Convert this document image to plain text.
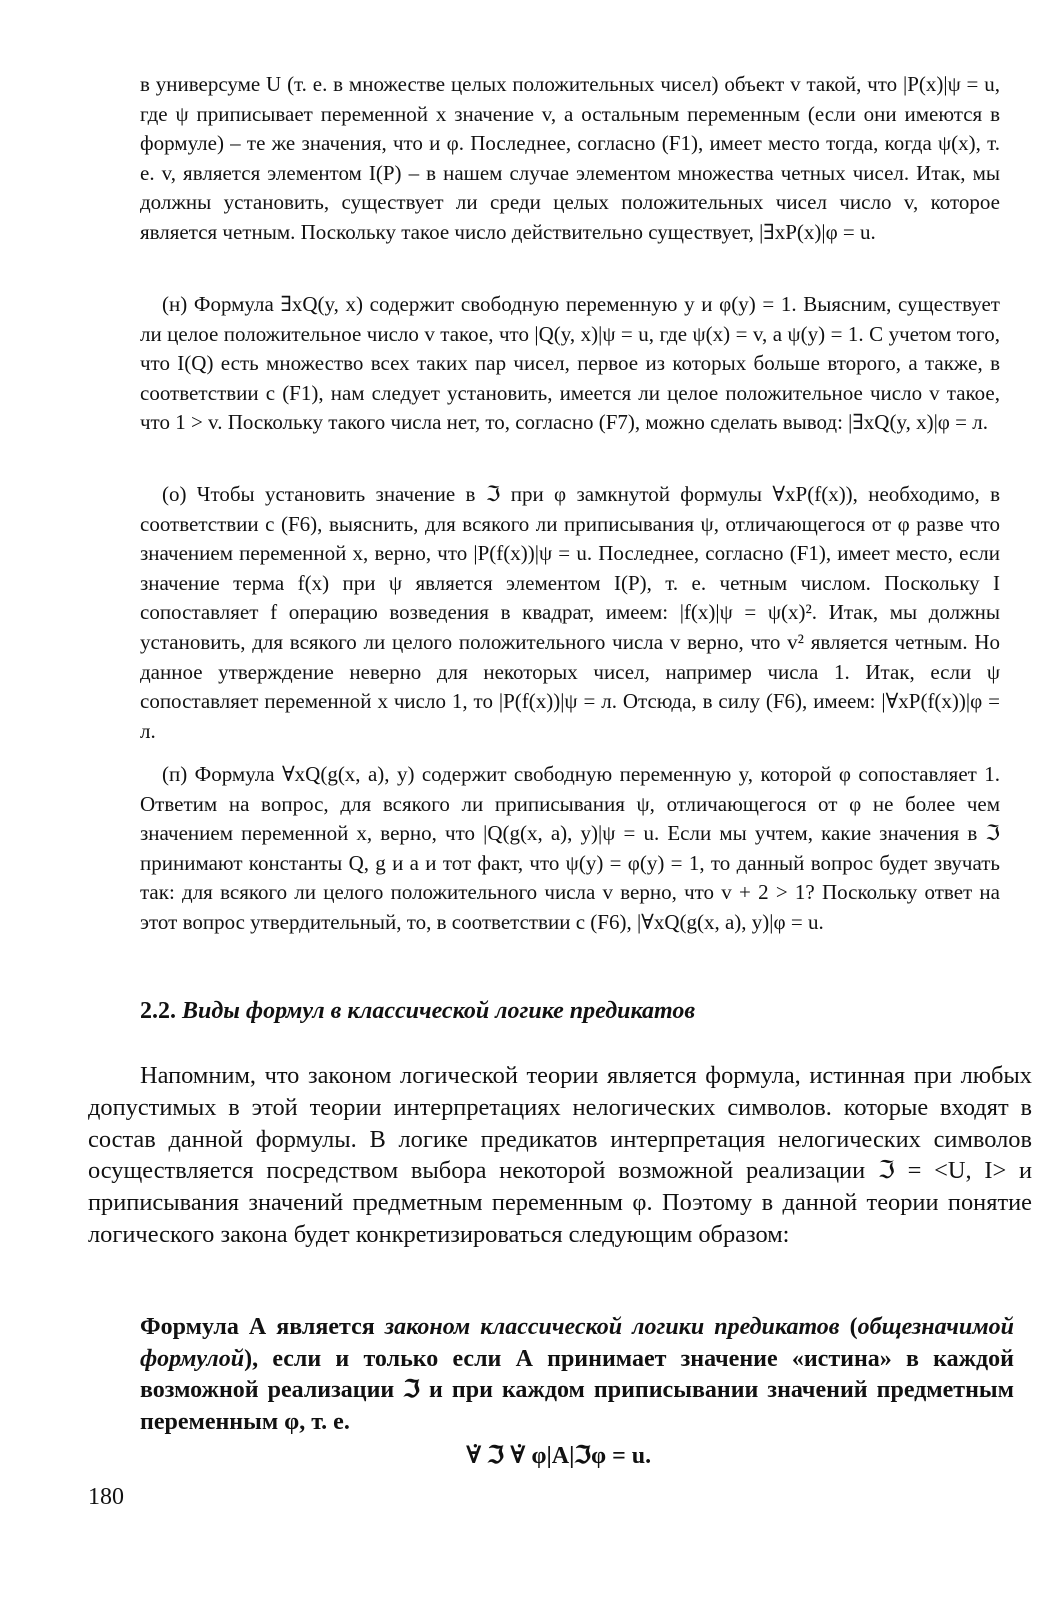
в универсуме U (т. е. в множестве целых положительных чисел) объект v такой, что |P(x)|ψ = u, где ψ приписывает переменной x значение v, а остальным переменным (если они имеются в формуле) – те же значения, что и φ. Последнее, согласно (F1), имеет место тогда, когда ψ(x), т. е. v, является элементом I(P) – в нашем случае элементом множества четных чисел. Итак, мы должны установить, существует ли среди целых положительных чисел число v, которое является четным. Поскольку такое число действительно существует, |∃xP(x)|φ = u.

(н) Формула ∃xQ(y, x) содержит свободную переменную y и φ(y) = 1. Выясним, существует ли целое положительное число v такое, что |Q(y, x)|ψ = u, где ψ(x) = v, а ψ(y) = 1. С учетом того, что I(Q) есть множество всех таких пар чисел, первое из которых больше второго, а также, в соответствии с (F1), нам следует установить, имеется ли целое положительное число v такое, что 1 > v. Поскольку такого числа нет, то, согласно (F7), можно сделать вывод: |∃xQ(y, x)|φ = л.

(о) Чтобы установить значение в ℑ при φ замкнутой формулы ∀xP(f(x)), необходимо, в соответствии с (F6), выяснить, для всякого ли приписывания ψ, отличающегося от φ разве что значением переменной x, верно, что |P(f(x))|ψ = u. Последнее, согласно (F1), имеет место, если значение терма f(x) при ψ является элементом I(P), т. е. четным числом. Поскольку I сопоставляет f операцию возведения в квадрат, имеем: |f(x)|ψ = ψ(x)². Итак, мы должны установить, для всякого ли целого положительного числа v верно, что v² является четным. Но данное утверждение неверно для некоторых чисел, например числа 1. Итак, если ψ сопоставляет переменной x число 1, то |P(f(x))|ψ = л. Отсюда, в силу (F6), имеем: |∀xP(f(x))|φ = л.

(п) Формула ∀xQ(g(x, a), y) содержит свободную переменную y, которой φ сопоставляет 1. Ответим на вопрос, для всякого ли приписывания ψ, отличающегося от φ не более чем значением переменной x, верно, что |Q(g(x, a), y)|ψ = u. Если мы учтем, какие значения в ℑ принимают константы Q, g и a и тот факт, что ψ(y) = φ(y) = 1, то данный вопрос будет звучать так: для всякого ли целого положительного числа v верно, что v + 2 > 1? Поскольку ответ на этот вопрос утвердительный, то, в соответствии с (F6), |∀xQ(g(x, a), y)|φ = u.

2.2. Виды формул в классической логике предикатов

Напомним, что законом логической теории является формула, истинная при любых допустимых в этой теории интерпретациях нелогических символов. которые входят в состав данной формулы. В логике предикатов интерпретация нелогических символов осуществляется посредством выбора некоторой возможной реализации ℑ = <U, I> и приписывания значений предметным переменным φ. Поэтому в данной теории понятие логического закона будет конкретизироваться следующим образом:

Формула А является законом классической логики предикатов (общезначимой формулой), если и только если А принимает значение «истина» в каждой возможной реализации ℑ и при каждом приписывании значений предметным переменным φ, т. е.
∀̇ ℑ ∀̇ φ|A|ℑφ = u.
180
